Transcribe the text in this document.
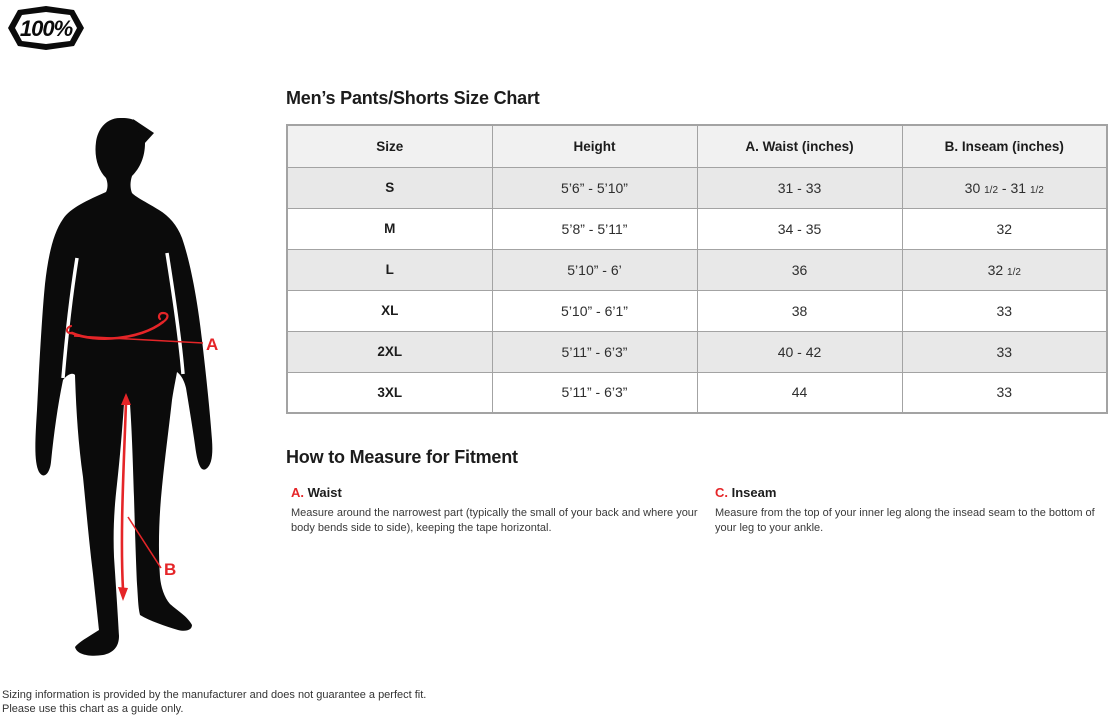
100%
A
B
Men’s Pants/Shorts Size Chart
Size	Height	A. Waist (inches)	B. Inseam (inches)
S	5’6” - 5’10”	31 - 33	30 1/2 - 31 1/2
M	5’8” - 5’11”	34 - 35	32
L	5’10” - 6’	36	32 1/2
XL	5’10” - 6’1”	38	33
2XL	5’11” - 6’3”	40 - 42	33
3XL	5’11” - 6’3”	44	33
How to Measure for Fitment
A. Waist

Measure around the narrowest part (typically the small of your back and where your body bends side to side), keeping the tape horizontal.

C. Inseam

Measure from the top of your inner leg along the insead seam to the bottom of your leg to your ankle.

Sizing information is provided by the manufacturer and does not guarantee a perfect fit.
Please use this chart as a guide only.
